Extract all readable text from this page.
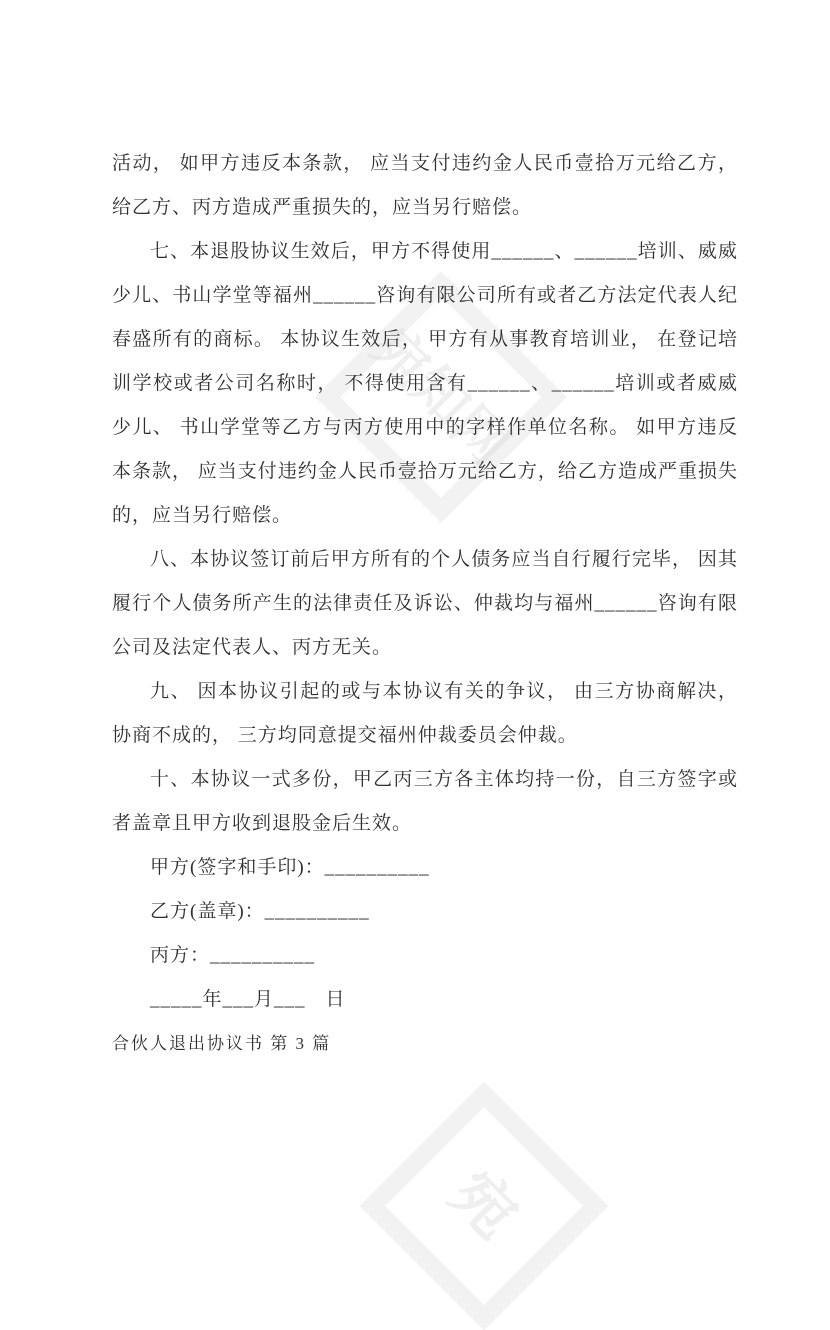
宛知网
宛

活动， 如甲方违反本条款， 应当支付违约金人民币壹拾万元给乙方， 给乙方、丙方造成严重损失的，应当另行赔偿。

七、本退股协议生效后，甲方不得使用______、______培训、威威少儿、书山学堂等福州______咨询有限公司所有或者乙方法定代表人纪春盛所有的商标。 本协议生效后， 甲方有从事教育培训业， 在登记培训学校或者公司名称时， 不得使用含有______、______培训或者威威少儿、 书山学堂等乙方与丙方使用中的字样作单位名称。 如甲方违反本条款， 应当支付违约金人民币壹拾万元给乙方，给乙方造成严重损失的，应当另行赔偿。

八、本协议签订前后甲方所有的个人债务应当自行履行完毕， 因其履行个人债务所产生的法律责任及诉讼、仲裁均与福州______咨询有限公司及法定代表人、丙方无关。

九、 因本协议引起的或与本协议有关的争议， 由三方协商解决，协商不成的， 三方均同意提交福州仲裁委员会仲裁。

十、本协议一式多份，甲乙丙三方各主体均持一份，自三方签字或者盖章且甲方收到退股金后生效。

甲方(签字和手印)：__________

乙方(盖章)：__________

丙方：__________

_____年___月___　日

合伙人退出协议书 第 3 篇
